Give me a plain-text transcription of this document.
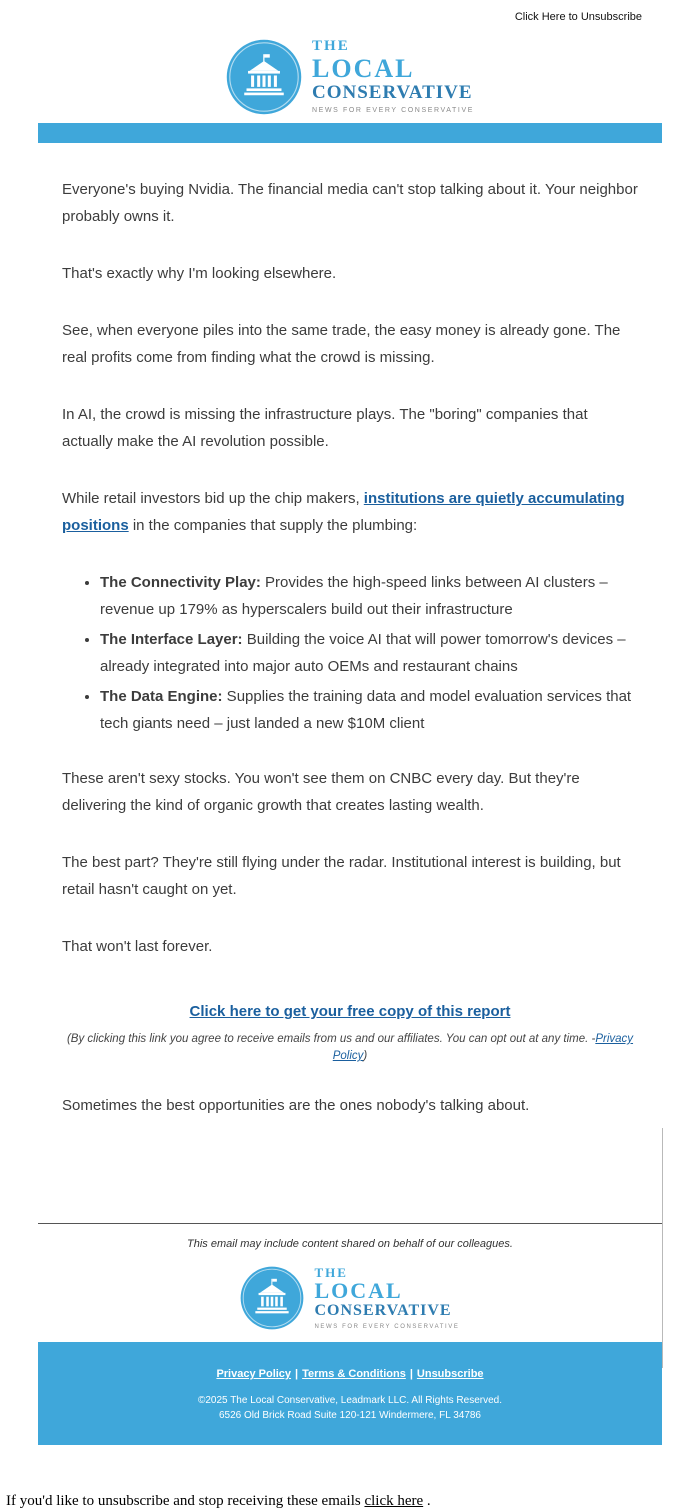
Click Here to Unsubscribe
THE
LOCAL
CONSERVATIVE
NEWS FOR EVERY CONSERVATIVE

Everyone's buying Nvidia. The financial media can't stop talking about it. Your neighbor probably owns it.

That's exactly why I'm looking elsewhere.

See, when everyone piles into the same trade, the easy money is already gone. The real profits come from finding what the crowd is missing.

In AI, the crowd is missing the infrastructure plays. The "boring" companies that actually make the AI revolution possible.

While retail investors bid up the chip makers, institutions are quietly accumulating positions in the companies that supply the plumbing:

• The Connectivity Play: Provides the high-speed links between AI clusters – revenue up 179% as hyperscalers build out their infrastructure
• The Interface Layer: Building the voice AI that will power tomorrow's devices – already integrated into major auto OEMs and restaurant chains
• The Data Engine: Supplies the training data and model evaluation services that tech giants need – just landed a new $10M client

These aren't sexy stocks. You won't see them on CNBC every day. But they're delivering the kind of organic growth that creates lasting wealth.

The best part? They're still flying under the radar. Institutional interest is building, but retail hasn't caught on yet.

That won't last forever.

Click here to get your free copy of this report

(By clicking this link you agree to receive emails from us and our affiliates. You can opt out at any time. -Privacy Policy)

Sometimes the best opportunities are the ones nobody's talking about.

This email may include content shared on behalf of our colleagues.

THE
LOCAL
CONSERVATIVE
NEWS FOR EVERY CONSERVATIVE

Privacy Policy | Terms & Conditions | Unsubscribe

©2025 The Local Conservative, Leadmark LLC. All Rights Reserved.

6526 Old Brick Road Suite 120-121 Windermere, FL 34786

If you'd like to unsubscribe and stop receiving these emails click here .
